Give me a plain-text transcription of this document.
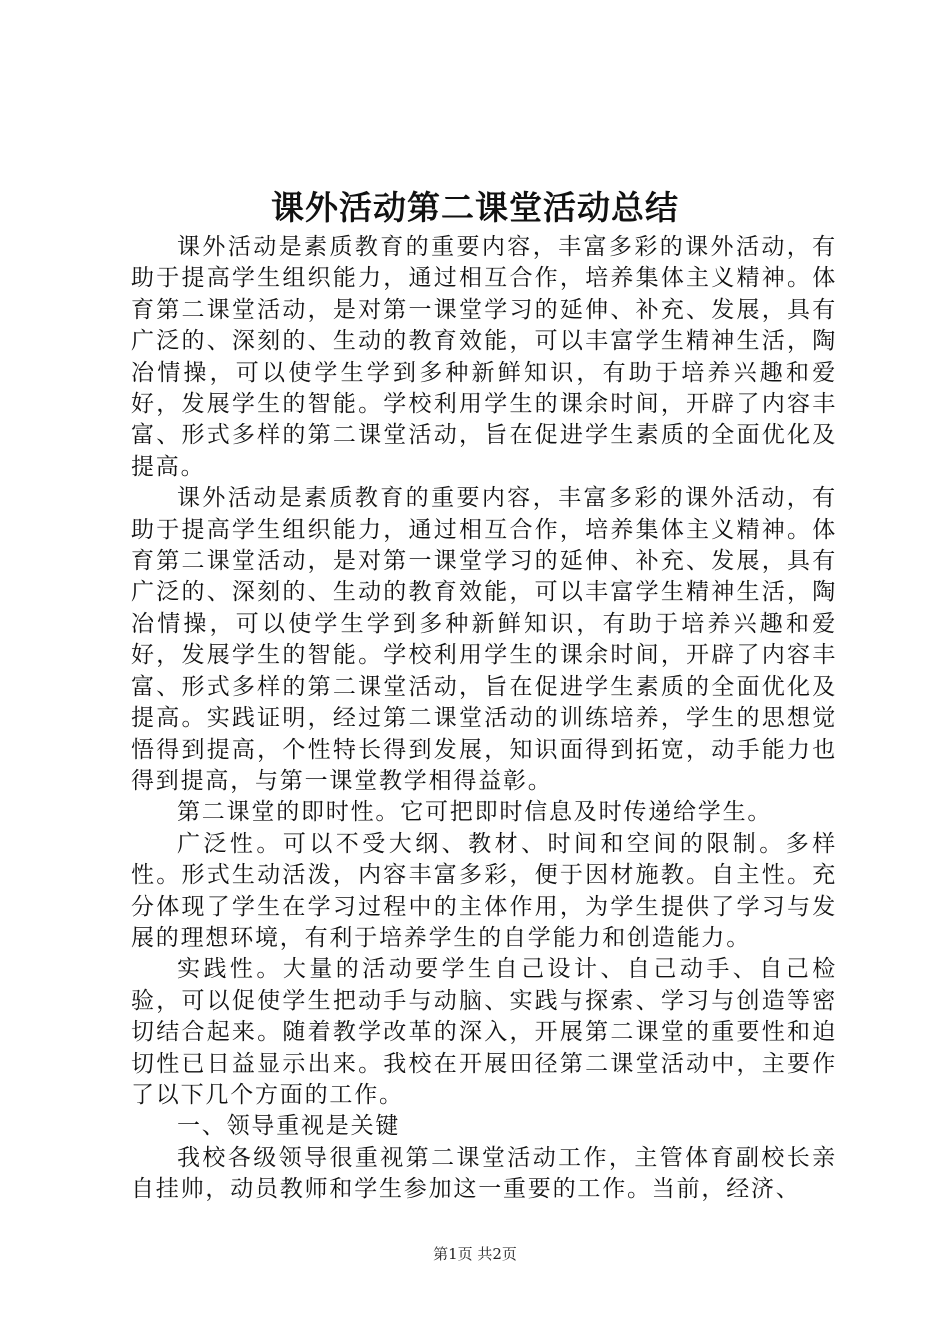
课外活动第二课堂活动总结

课外活动是素质教育的重要内容，丰富多彩的课外活动，有助于提高学生组织能力，通过相互合作，培养集体主义精神。体育第二课堂活动，是对第一课堂学习的延伸、补充、发展，具有广泛的、深刻的、生动的教育效能，可以丰富学生精神生活，陶冶情操，可以使学生学到多种新鲜知识，有助于培养兴趣和爱好，发展学生的智能。学校利用学生的课余时间，开辟了内容丰富、形式多样的第二课堂活动，旨在促进学生素质的全面优化及提高。

课外活动是素质教育的重要内容，丰富多彩的课外活动，有助于提高学生组织能力，通过相互合作，培养集体主义精神。体育第二课堂活动，是对第一课堂学习的延伸、补充、发展，具有广泛的、深刻的、生动的教育效能，可以丰富学生精神生活，陶冶情操，可以使学生学到多种新鲜知识，有助于培养兴趣和爱好，发展学生的智能。学校利用学生的课余时间，开辟了内容丰富、形式多样的第二课堂活动，旨在促进学生素质的全面优化及提高。实践证明，经过第二课堂活动的训练培养，学生的思想觉悟得到提高，个性特长得到发展，知识面得到拓宽，动手能力也得到提高，与第一课堂教学相得益彰。

第二课堂的即时性。它可把即时信息及时传递给学生。

广泛性。可以不受大纲、教材、时间和空间的限制。多样性。形式生动活泼，内容丰富多彩，便于因材施教。自主性。充分体现了学生在学习过程中的主体作用，为学生提供了学习与发展的理想环境，有利于培养学生的自学能力和创造能力。

实践性。大量的活动要学生自己设计、自己动手、自己检验，可以促使学生把动手与动脑、实践与探索、学习与创造等密切结合起来。随着教学改革的深入，开展第二课堂的重要性和迫切性已日益显示出来。我校在开展田径第二课堂活动中，主要作了以下几个方面的工作。

一、领导重视是关键

我校各级领导很重视第二课堂活动工作，主管体育副校长亲自挂帅，动员教师和学生参加这一重要的工作。当前，经济、

第1页 共2页
